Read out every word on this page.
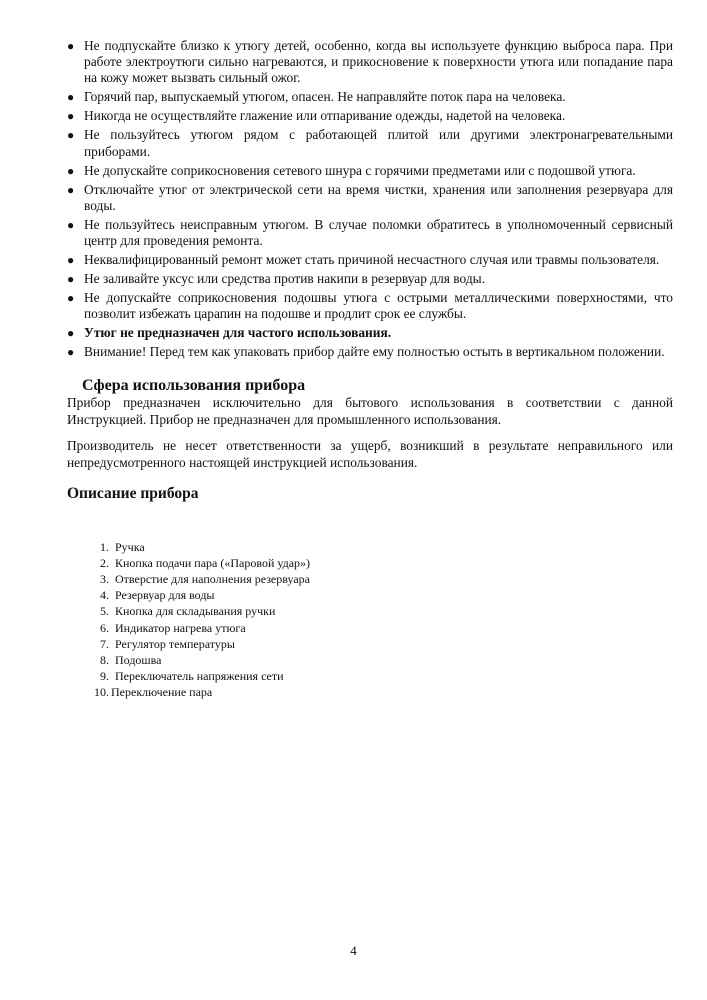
● Не подпускайте близко к утюгу детей, особенно, когда вы используете функцию выброса пара. При работе электроутюги сильно нагреваются, и прикосновение к поверхности утюга или попадание пара на кожу может вызвать сильный ожог.
● Горячий пар, выпускаемый утюгом, опасен. Не направляйте поток пара на человека.
● Никогда не осуществляйте глажение или отпаривание одежды, надетой на человека.
● Не пользуйтесь утюгом рядом с работающей плитой или другими электронагревательными приборами.
● Не допускайте соприкосновения сетевого шнура с горячими предметами или с подошвой утюга.
● Отключайте утюг от электрической сети на время чистки, хранения или заполнения резервуара для воды.
● Не пользуйтесь неисправным утюгом. В случае поломки обратитесь в уполномоченный сервисный центр для проведения ремонта.
● Неквалифицированный ремонт может стать причиной несчастного случая или травмы пользователя.
● Не заливайте уксус или средства против накипи в резервуар для воды.
● Не допускайте соприкосновения подошвы утюга с острыми металлическими поверхностями, что позволит избежать царапин на подошве и продлит срок ее службы.
● Утюг не предназначен для частого использования.
● Внимание! Перед тем как упаковать прибор дайте ему полностью остыть в вертикальном положении.
Сфера использования прибора

Прибор предназначен исключительно для бытового использования в соответствии с данной Инструкцией. Прибор не предназначен для промышленного использования.

Производитель не несет ответственности за ущерб, возникший в результате неправильного или непредусмотренного настоящей инструкцией использования.

Описание прибора
1. Ручка
2. Кнопка подачи пара («Паровой удар»)
3. Отверстие для наполнения резервуара
4. Резервуар для воды
5. Кнопка для складывания ручки
6. Индикатор нагрева утюга
7. Регулятор температуры
8. Подошва
9. Переключатель напряжения сети
10. Переключение пара
4
